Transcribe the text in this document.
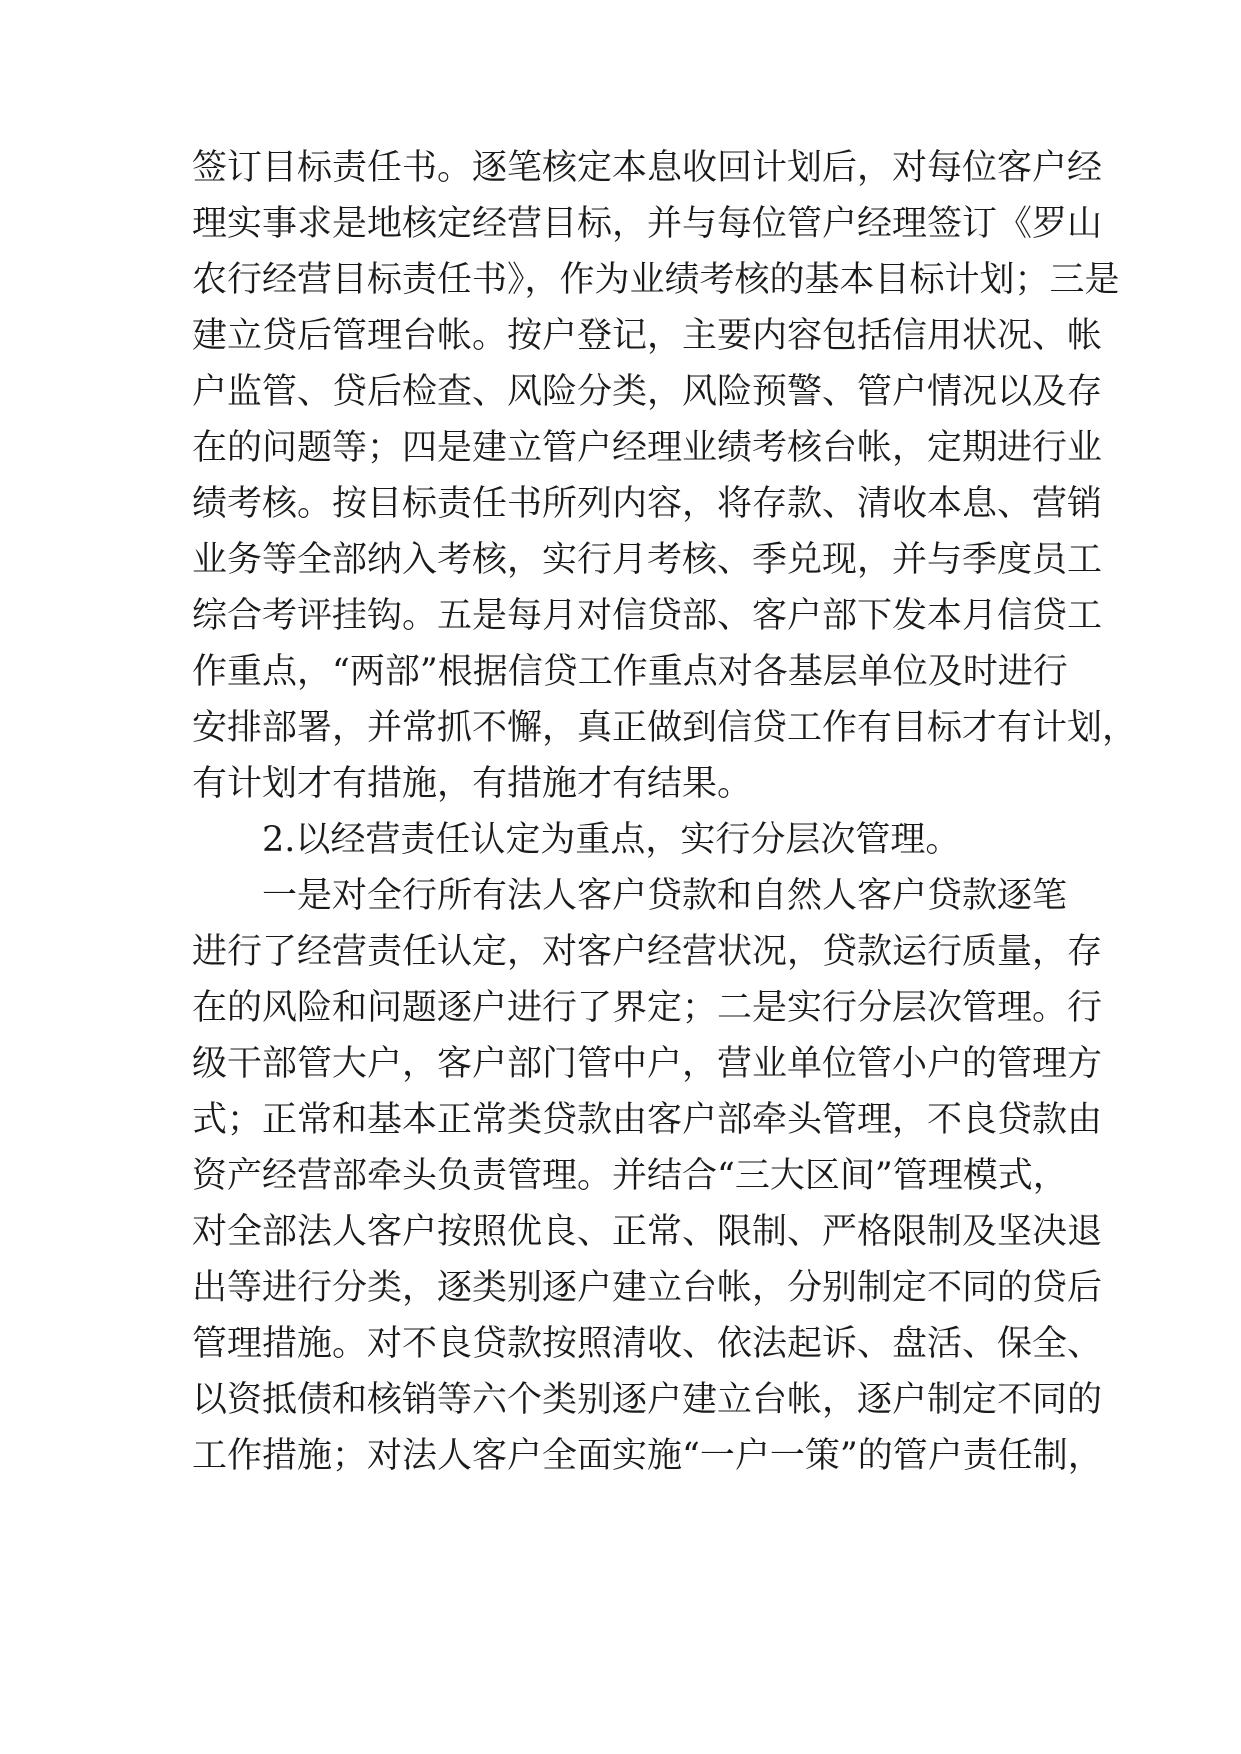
签订目标责任书。逐笔核定本息收回计划后，对每位客户经
理实事求是地核定经营目标，并与每位管户经理签订《罗山
农行经营目标责任书》，作为业绩考核的基本目标计划；三是
建立贷后管理台帐。按户登记，主要内容包括信用状况、帐
户监管、贷后检查、风险分类，风险预警、管户情况以及存
在的问题等；四是建立管户经理业绩考核台帐，定期进行业
绩考核。按目标责任书所列内容，将存款、清收本息、营销
业务等全部纳入考核，实行月考核、季兑现，并与季度员工
综合考评挂钩。五是每月对信贷部、客户部下发本月信贷工
作重点，“两部”根据信贷工作重点对各基层单位及时进行
安排部署，并常抓不懈，真正做到信贷工作有目标才有计划，
有计划才有措施，有措施才有结果。
2.以经营责任认定为重点，实行分层次管理。
一是对全行所有法人客户贷款和自然人客户贷款逐笔
进行了经营责任认定，对客户经营状况，贷款运行质量，存
在的风险和问题逐户进行了界定；二是实行分层次管理。行
级干部管大户，客户部门管中户，营业单位管小户的管理方
式；正常和基本正常类贷款由客户部牵头管理，不良贷款由
资产经营部牵头负责管理。并结合“三大区间”管理模式，
对全部法人客户按照优良、正常、限制、严格限制及坚决退
出等进行分类，逐类别逐户建立台帐，分别制定不同的贷后
管理措施。对不良贷款按照清收、依法起诉、盘活、保全、
以资抵债和核销等六个类别逐户建立台帐，逐户制定不同的
工作措施；对法人客户全面实施“一户一策”的管户责任制，
